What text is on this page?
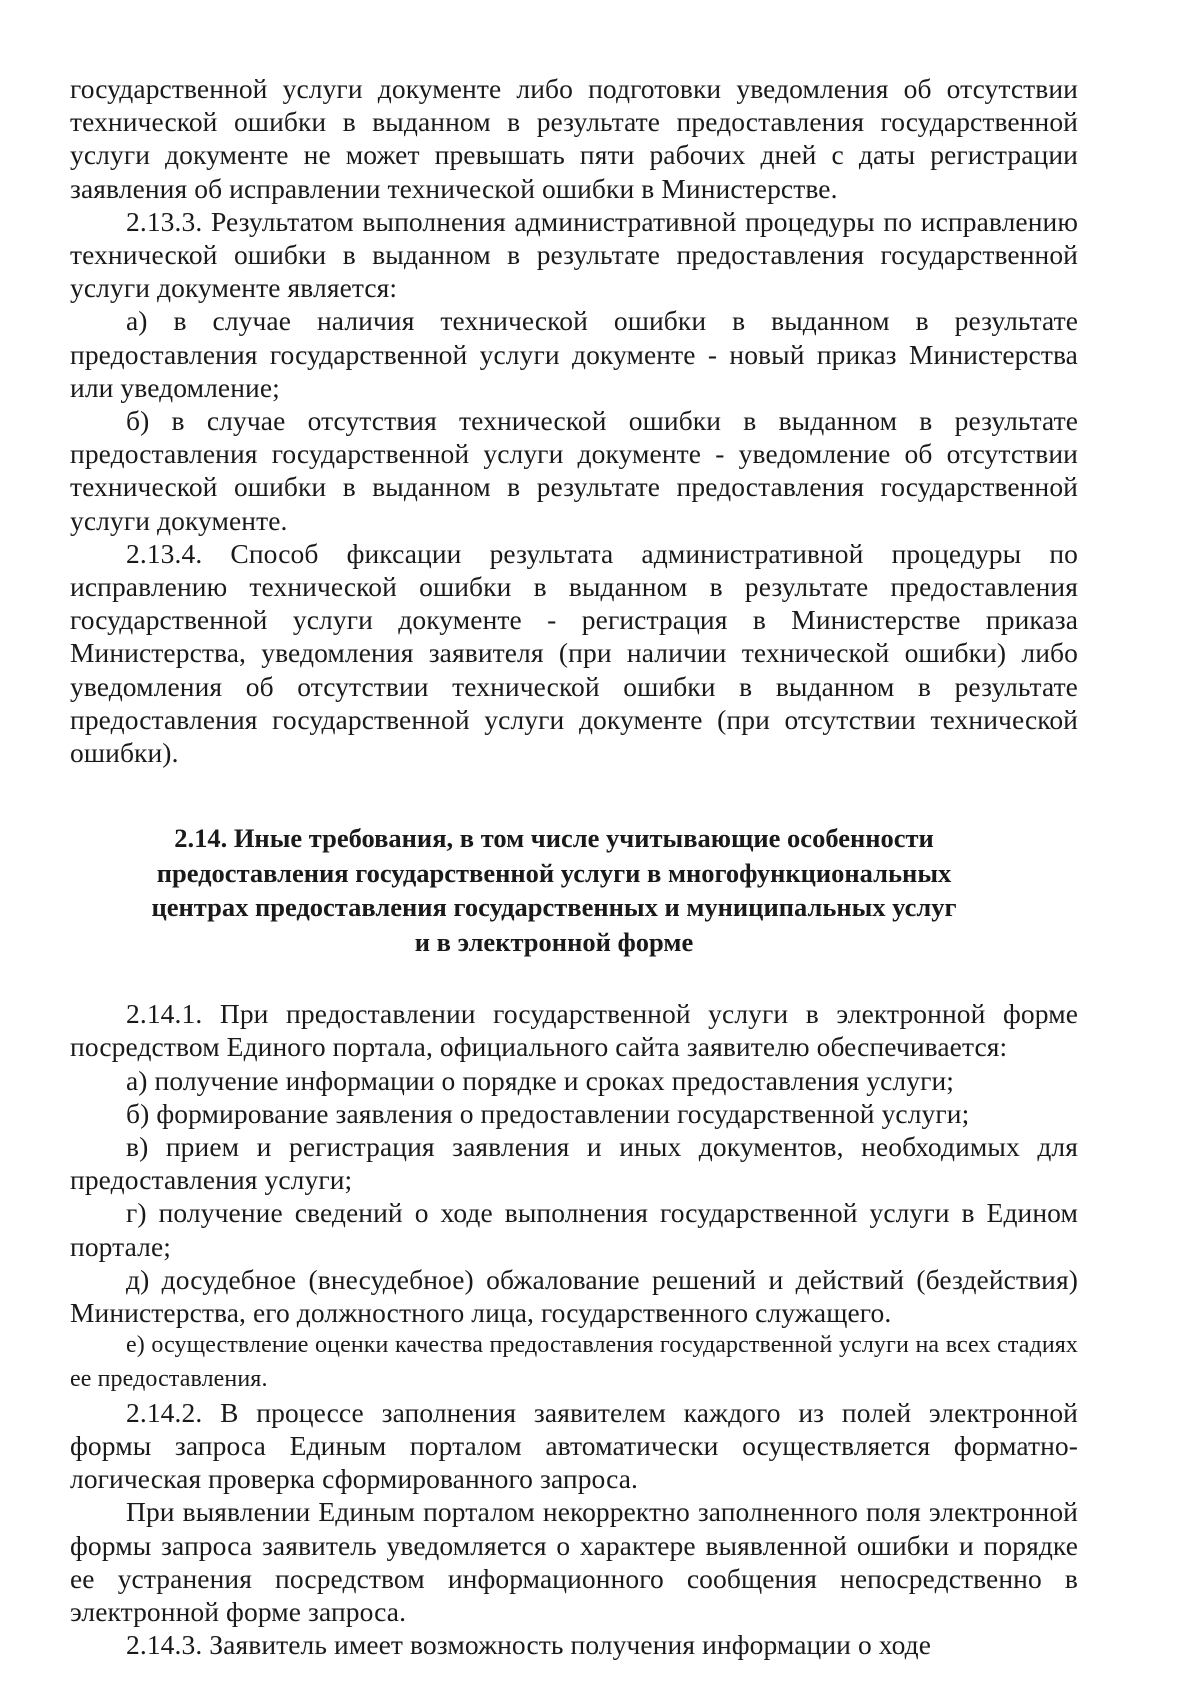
государственной услуги документе либо подготовки уведомления об отсутствии технической ошибки в выданном в результате предоставления государственной услуги документе не может превышать пяти рабочих дней с даты регистрации заявления об исправлении технической ошибки в Министерстве.

2.13.3. Результатом выполнения административной процедуры по исправлению технической ошибки в выданном в результате предоставления государственной услуги документе является:

а) в случае наличия технической ошибки в выданном в результате предоставления государственной услуги документе - новый приказ Министерства или уведомление;

б) в случае отсутствия технической ошибки в выданном в результате предоставления государственной услуги документе - уведомление об отсутствии технической ошибки в выданном в результате предоставления государственной услуги документе.

2.13.4. Способ фиксации результата административной процедуры по исправлению технической ошибки в выданном в результате предоставления государственной услуги документе - регистрация в Министерстве приказа Министерства, уведомления заявителя (при наличии технической ошибки) либо уведомления об отсутствии технической ошибки в выданном в результате предоставления государственной услуги документе (при отсутствии технической ошибки).

2.14. Иные требования, в том числе учитывающие особенности
предоставления государственной услуги в многофункциональных
центрах предоставления государственных и муниципальных услуг
и в электронной форме

2.14.1. При предоставлении государственной услуги в электронной форме посредством Единого портала, официального сайта заявителю обеспечивается:

а) получение информации о порядке и сроках предоставления услуги;

б) формирование заявления о предоставлении государственной услуги;

в) прием и регистрация заявления и иных документов, необходимых для предоставления услуги;

г) получение сведений о ходе выполнения государственной услуги в Едином портале;

д) досудебное (внесудебное) обжалование решений и действий (бездействия) Министерства, его должностного лица, государственного служащего.

е) осуществление оценки качества предоставления государственной услуги на всех стадиях ее предоставления.

2.14.2. В процессе заполнения заявителем каждого из полей электронной формы запроса Единым порталом автоматически осуществляется форматно-логическая проверка сформированного запроса.

При выявлении Единым порталом некорректно заполненного поля электронной формы запроса заявитель уведомляется о характере выявленной ошибки и порядке ее устранения посредством информационного сообщения непосредственно в электронной форме запроса.

2.14.3. Заявитель имеет возможность получения информации о ходе
